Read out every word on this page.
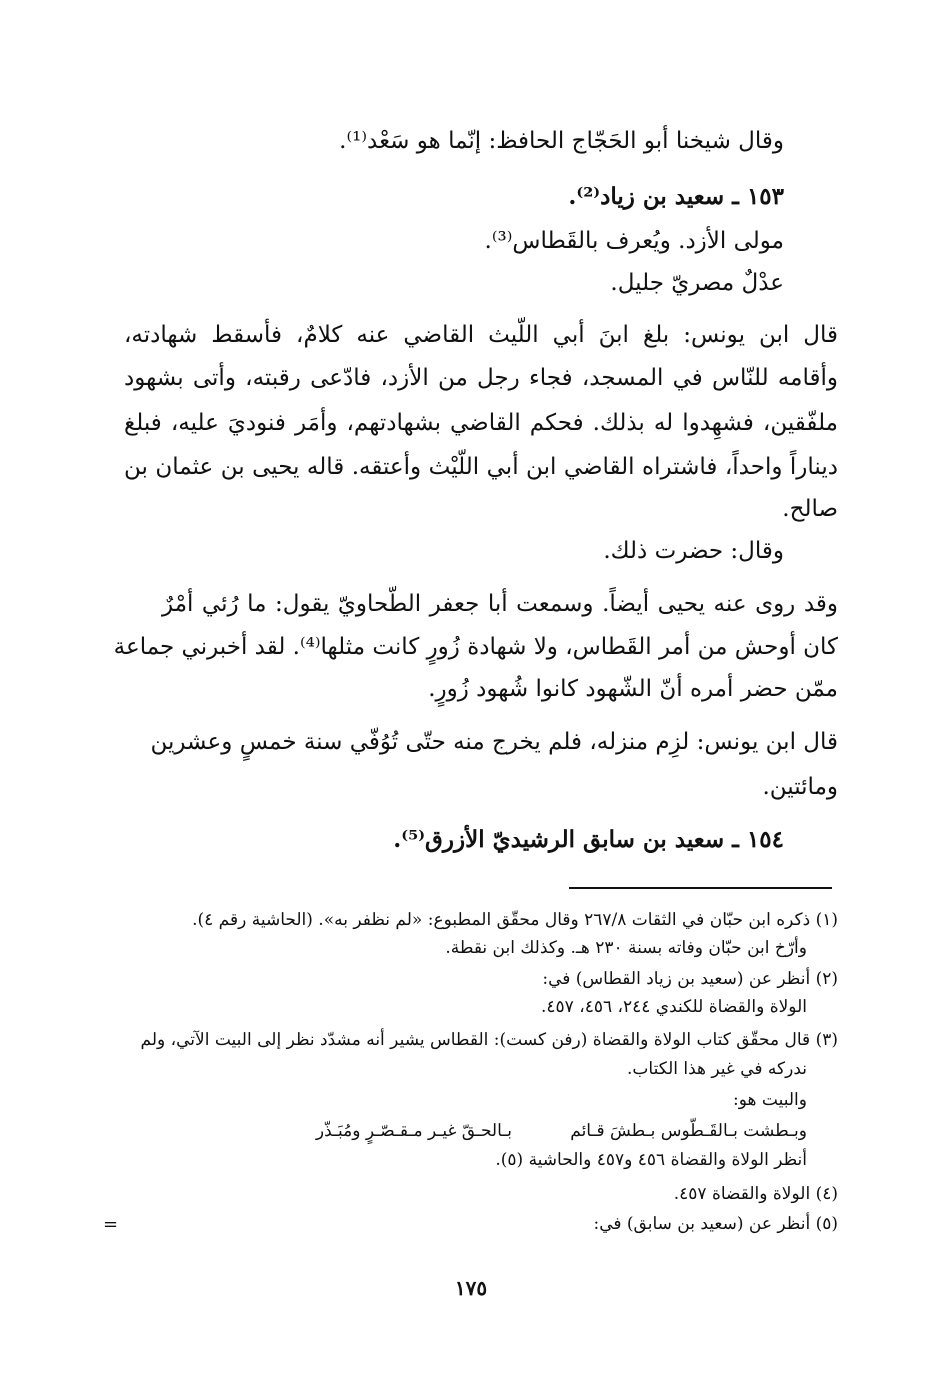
وقال شيخنا أبو الحَجّاج الحافظ: إنّما هو سَعْد⁽¹⁾.
١٥٣ ـ سعيد بن زياد⁽²⁾.
مولى الأزد. ويُعرف بالقَطاس⁽³⁾.
عدْلٌ مصريّ جليل.
قال ابن يونس: بلغ ابنَ أبي اللّيث القاضي عنه كلامٌ، فأسقط شهادته،
وأقامه للنّاس في المسجد، فجاء رجل من الأزد، فادّعى رقبته، وأتى بشهود
ملفّقين، فشهِدوا له بذلك. فحكم القاضي بشهادتهم، وأمَر فنوديَ عليه، فبلغ
ديناراً واحداً، فاشتراه القاضي ابن أبي اللّيْث وأعتقه. قاله يحيى بن عثمان بن
صالح.
وقال: حضرت ذلك.
وقد روى عنه يحيى أيضاً. وسمعت أبا جعفر الطّحاويّ يقول: ما رُئي أمْرٌ
كان أوحش من أمر القَطاس، ولا شهادة زُورٍ كانت مثلها⁽⁴⁾. لقد أخبرني جماعة
ممّن حضر أمره أنّ الشّهود كانوا شُهود زُورٍ.
قال ابن يونس: لزِم منزله، فلم يخرج منه حتّى تُوُفّي سنة خمسٍ وعشرين
ومائتين.
١٥٤ ـ سعيد بن سابق الرشيديّ الأزرق⁽⁵⁾.
(١) ذكره ابن حبّان في الثقات ٢٦٧/٨ وقال محقّق المطبوع: «لم نظفر به». (الحاشية رقم ٤).
وأرّخ ابن حبّان وفاته بسنة ٢٣٠ هـ. وكذلك ابن نقطة.
(٢) أنظر عن (سعيد بن زياد القطاس) في:
الولاة والقضاة للكندي ٢٤٤، ٤٥٦، ٤٥٧.
(٣) قال محقّق كتاب الولاة والقضاة (رفن كست): القطاس يشير أنه مشدّد نظر إلى البيت الآتي، ولم
ندركه في غير هذا الكتاب.
والبيت هو:
وبـطشت بـالقَـطّوس بـطشَ قـائم
بـالحـقّ غيـر مـقـصّـرٍ ومُبَـذّر
أنظر الولاة والقضاة ٤٥٦ و٤٥٧ والحاشية (٥).
(٤) الولاة والقضاة ٤٥٧.
(٥) أنظر عن (سعيد بن سابق) في:
=
١٧٥
